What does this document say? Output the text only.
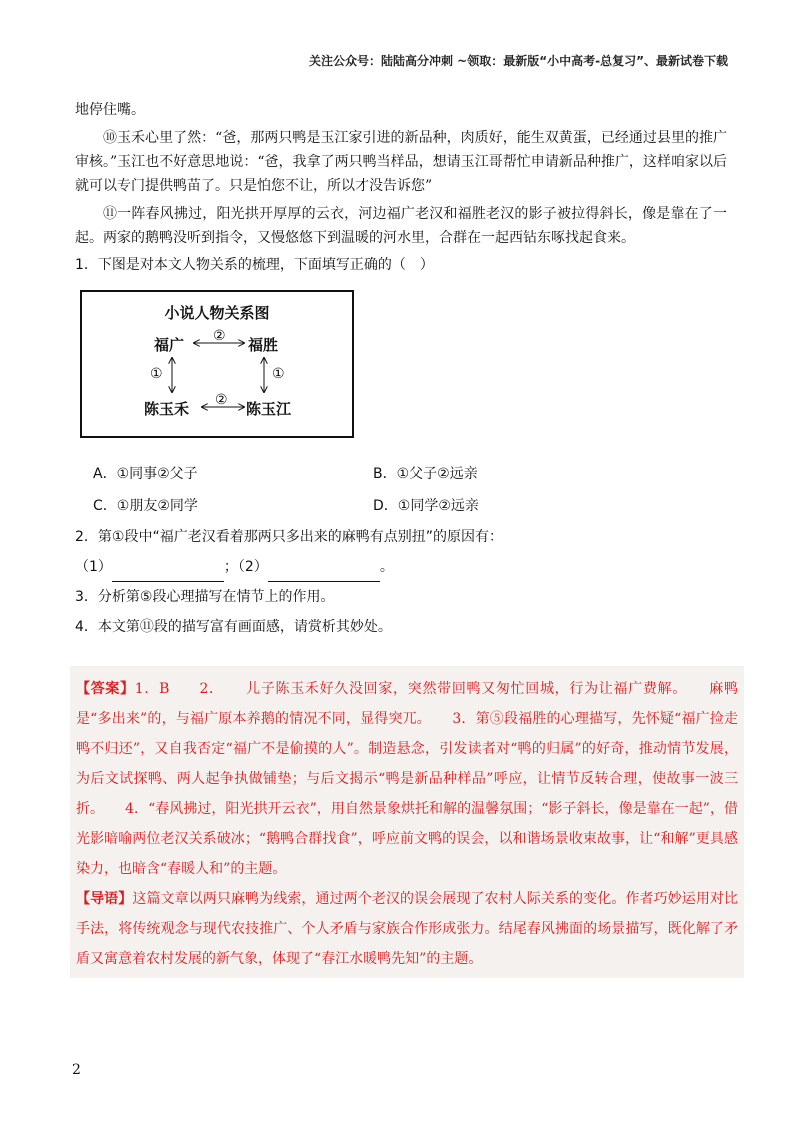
关注公众号：陆陆高分冲刺 ~领取：最新版“小中高考-总复习”、最新试卷下载

地停住嘴。

⑩玉禾心里了然：“爸，那两只鸭是玉江家引进的新品种，肉质好，能生双黄蛋，已经通过县里的推广审核。”玉江也不好意思地说：“爸，我拿了两只鸭当样品，想请玉江哥帮忙申请新品种推广，这样咱家以后就可以专门提供鸭苗了。只是怕您不让，所以才没告诉您”

⑪一阵春风拂过，阳光拱开厚厚的云衣，河边福广老汉和福胜老汉的影子被拉得斜长，像是靠在了一起。两家的鹅鸭没听到指令，又慢悠悠下到温暖的河水里，合群在一起西钻东啄找起食来。

1．下图是对本文人物关系的梳理，下面填写正确的（　）

小说人物关系图
福广	福胜
陈玉禾	陈玉江
②
②
①	①
A．①同事②父子	B．①父子②远亲
C．①朋友②同学	D．①同学②远亲

2．第①段中“福广老汉看着那两只多出来的麻鸭有点别扭”的原因有：

（1）	；（2）	。

3．分析第⑤段心理描写在情节上的作用。

4．本文第⑪段的描写富有画面感，请赏析其妙处。

【答案】1．B　　2．　　儿子陈玉禾好久没回家，突然带回鸭又匆忙回城，行为让福广费解。　　麻鸭是“多出来”的，与福广原本养鹅的情况不同，显得突兀。　　3．第⑤段福胜的心理描写，先怀疑“福广捡走鸭不归还”，又自我否定“福广不是偷摸的人”。制造悬念，引发读者对“鸭的归属”的好奇，推动情节发展，为后文试探鸭、两人起争执做铺垫；与后文揭示“鸭是新品种样品”呼应，让情节反转合理，使故事一波三折。　　4．“春风拂过，阳光拱开云衣”，用自然景象烘托和解的温馨氛围；“影子斜长，像是靠在一起”，借光影暗喻两位老汉关系破冰；“鹅鸭合群找食”，呼应前文鸭的误会，以和谐场景收束故事，让“和解”更具感染力，也暗含“春暖人和”的主题。
【导语】这篇文章以两只麻鸭为线索，通过两个老汉的误会展现了农村人际关系的变化。作者巧妙运用对比手法，将传统观念与现代农技推广、个人矛盾与家族合作形成张力。结尾春风拂面的场景描写，既化解了矛盾又寓意着农村发展的新气象，体现了“春江水暖鸭先知”的主题。
2
